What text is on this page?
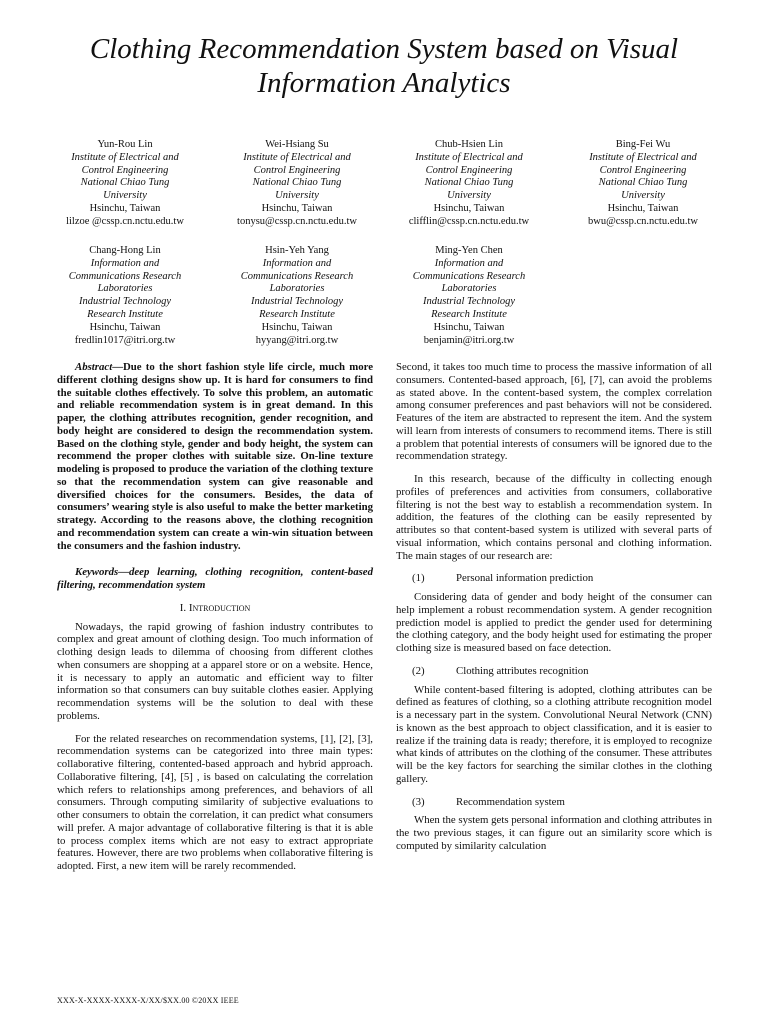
Clothing Recommendation System based on Visual Information Analytics
Yun-Rou Lin
Institute of Electrical and
Control Engineering
National Chiao Tung
University
Hsinchu, Taiwan
lilzoe @cssp.cn.nctu.edu.tw
Wei-Hsiang Su
Institute of Electrical and
Control Engineering
National Chiao Tung
University
Hsinchu, Taiwan
tonysu@cssp.cn.nctu.edu.tw
Chub-Hsien Lin
Institute of Electrical and
Control Engineering
National Chiao Tung
University
Hsinchu, Taiwan
clifflin@cssp.cn.nctu.edu.tw
Bing-Fei Wu
Institute of Electrical and
Control Engineering
National Chiao Tung
University
Hsinchu, Taiwan
bwu@cssp.cn.nctu.edu.tw
Chang-Hong Lin
Information and
Communications Research
Laboratories
Industrial Technology
Research Institute
Hsinchu, Taiwan
fredlin1017@itri.org.tw
Hsin-Yeh Yang
Information and
Communications Research
Laboratories
Industrial Technology
Research Institute
Hsinchu, Taiwan
hyyang@itri.org.tw
Ming-Yen Chen
Information and
Communications Research
Laboratories
Industrial Technology
Research Institute
Hsinchu, Taiwan
benjamin@itri.org.tw

Abstract—Due to the short fashion style life circle, much more different clothing designs show up. It is hard for consumers to find the suitable clothes effectively. To solve this problem, an automatic and reliable recommendation system is in great demand. In this paper, the clothing attributes recognition, gender recognition, and body height are considered to design the recommendation system. Based on the clothing style, gender and body height, the system can recommend the proper clothes with suitable size. On-line texture modeling is proposed to produce the variation of the clothing texture so that the recommendation system can give reasonable and diversified choices for the consumers. Besides, the data of consumers’ wearing style is also useful to make the better marketing strategy. According to the reasons above, the clothing recognition and recommendation system can create a win-win situation between the consumers and the fashion industry.

Keywords—deep learning, clothing recognition, content-based filtering, recommendation system

I. Introduction

Nowadays, the rapid growing of fashion industry contributes to complex and great amount of clothing design. Too much information of clothing design leads to dilemma of choosing from different clothes when consumers are shopping at a apparel store or on a website. Hence, it is necessary to apply an automatic and efficient way to filter information so that consumers can buy suitable clothes easier. Applying recommendation systems will be the solution to deal with these problems.

For the related researches on recommendation systems, [1], [2], [3], recommendation systems can be categorized into three main types: collaborative filtering, contented-based approach and hybrid approach. Collaborative filtering, [4], [5] , is based on calculating the correlation which refers to relationships among preferences, and behaviors of all consumers. Through computing similarity of subjective evaluations to other consumers to obtain the correlation, it can predict what consumers will prefer. A major advantage of collaborative filtering is that it is able to process complex items which are not easy to extract appropriate features. However, there are two problems when collaborative filtering is adopted. First, a new item will be rarely recommended.

Second, it takes too much time to process the massive information of all consumers. Contented-based approach, [6], [7], can avoid the problems as stated above. In the content-based system, the complex correlation among consumer preferences and past behaviors will not be considered. Features of the item are abstracted to represent the item. And the system will learn from interests of consumers to recommend items. There is still a problem that potential interests of consumers will be ignored due to the recommendation strategy.

In this research, because of the difficulty in collecting enough profiles of preferences and activities from consumers, collaborative filtering is not the best way to establish a recommendation system. In addition, the features of the clothing can be easily represented by attributes so that content-based system is utilized with several parts of visual information, which contains personal and clothing information. The main stages of our research are:

(1)	Personal information prediction

Considering data of gender and body height of the consumer can help implement a robust recommendation system. A gender recognition prediction model is applied to predict the gender used for determining the clothing category, and the body height used for estimating the proper clothing size is measured based on face detection.

(2)	Clothing attributes recognition

While content-based filtering is adopted, clothing attributes can be defined as features of clothing, so a clothing attribute recognition model is a necessary part in the system. Convolutional Neural Network (CNN) is known as the best approach to object classification, and it is easier to realize if the training data is ready; therefore, it is employed to recognize what kinds of attributes on the clothing of the consumer. These attributes will be the key factors for searching the similar clothes in the clothing gallery.

(3)	Recommendation system

When the system gets personal information and clothing attributes in the two previous stages, it can figure out an similarity score which is computed by similarity calculation

XXX-X-XXXX-XXXX-X/XX/$XX.00 ©20XX IEEE
